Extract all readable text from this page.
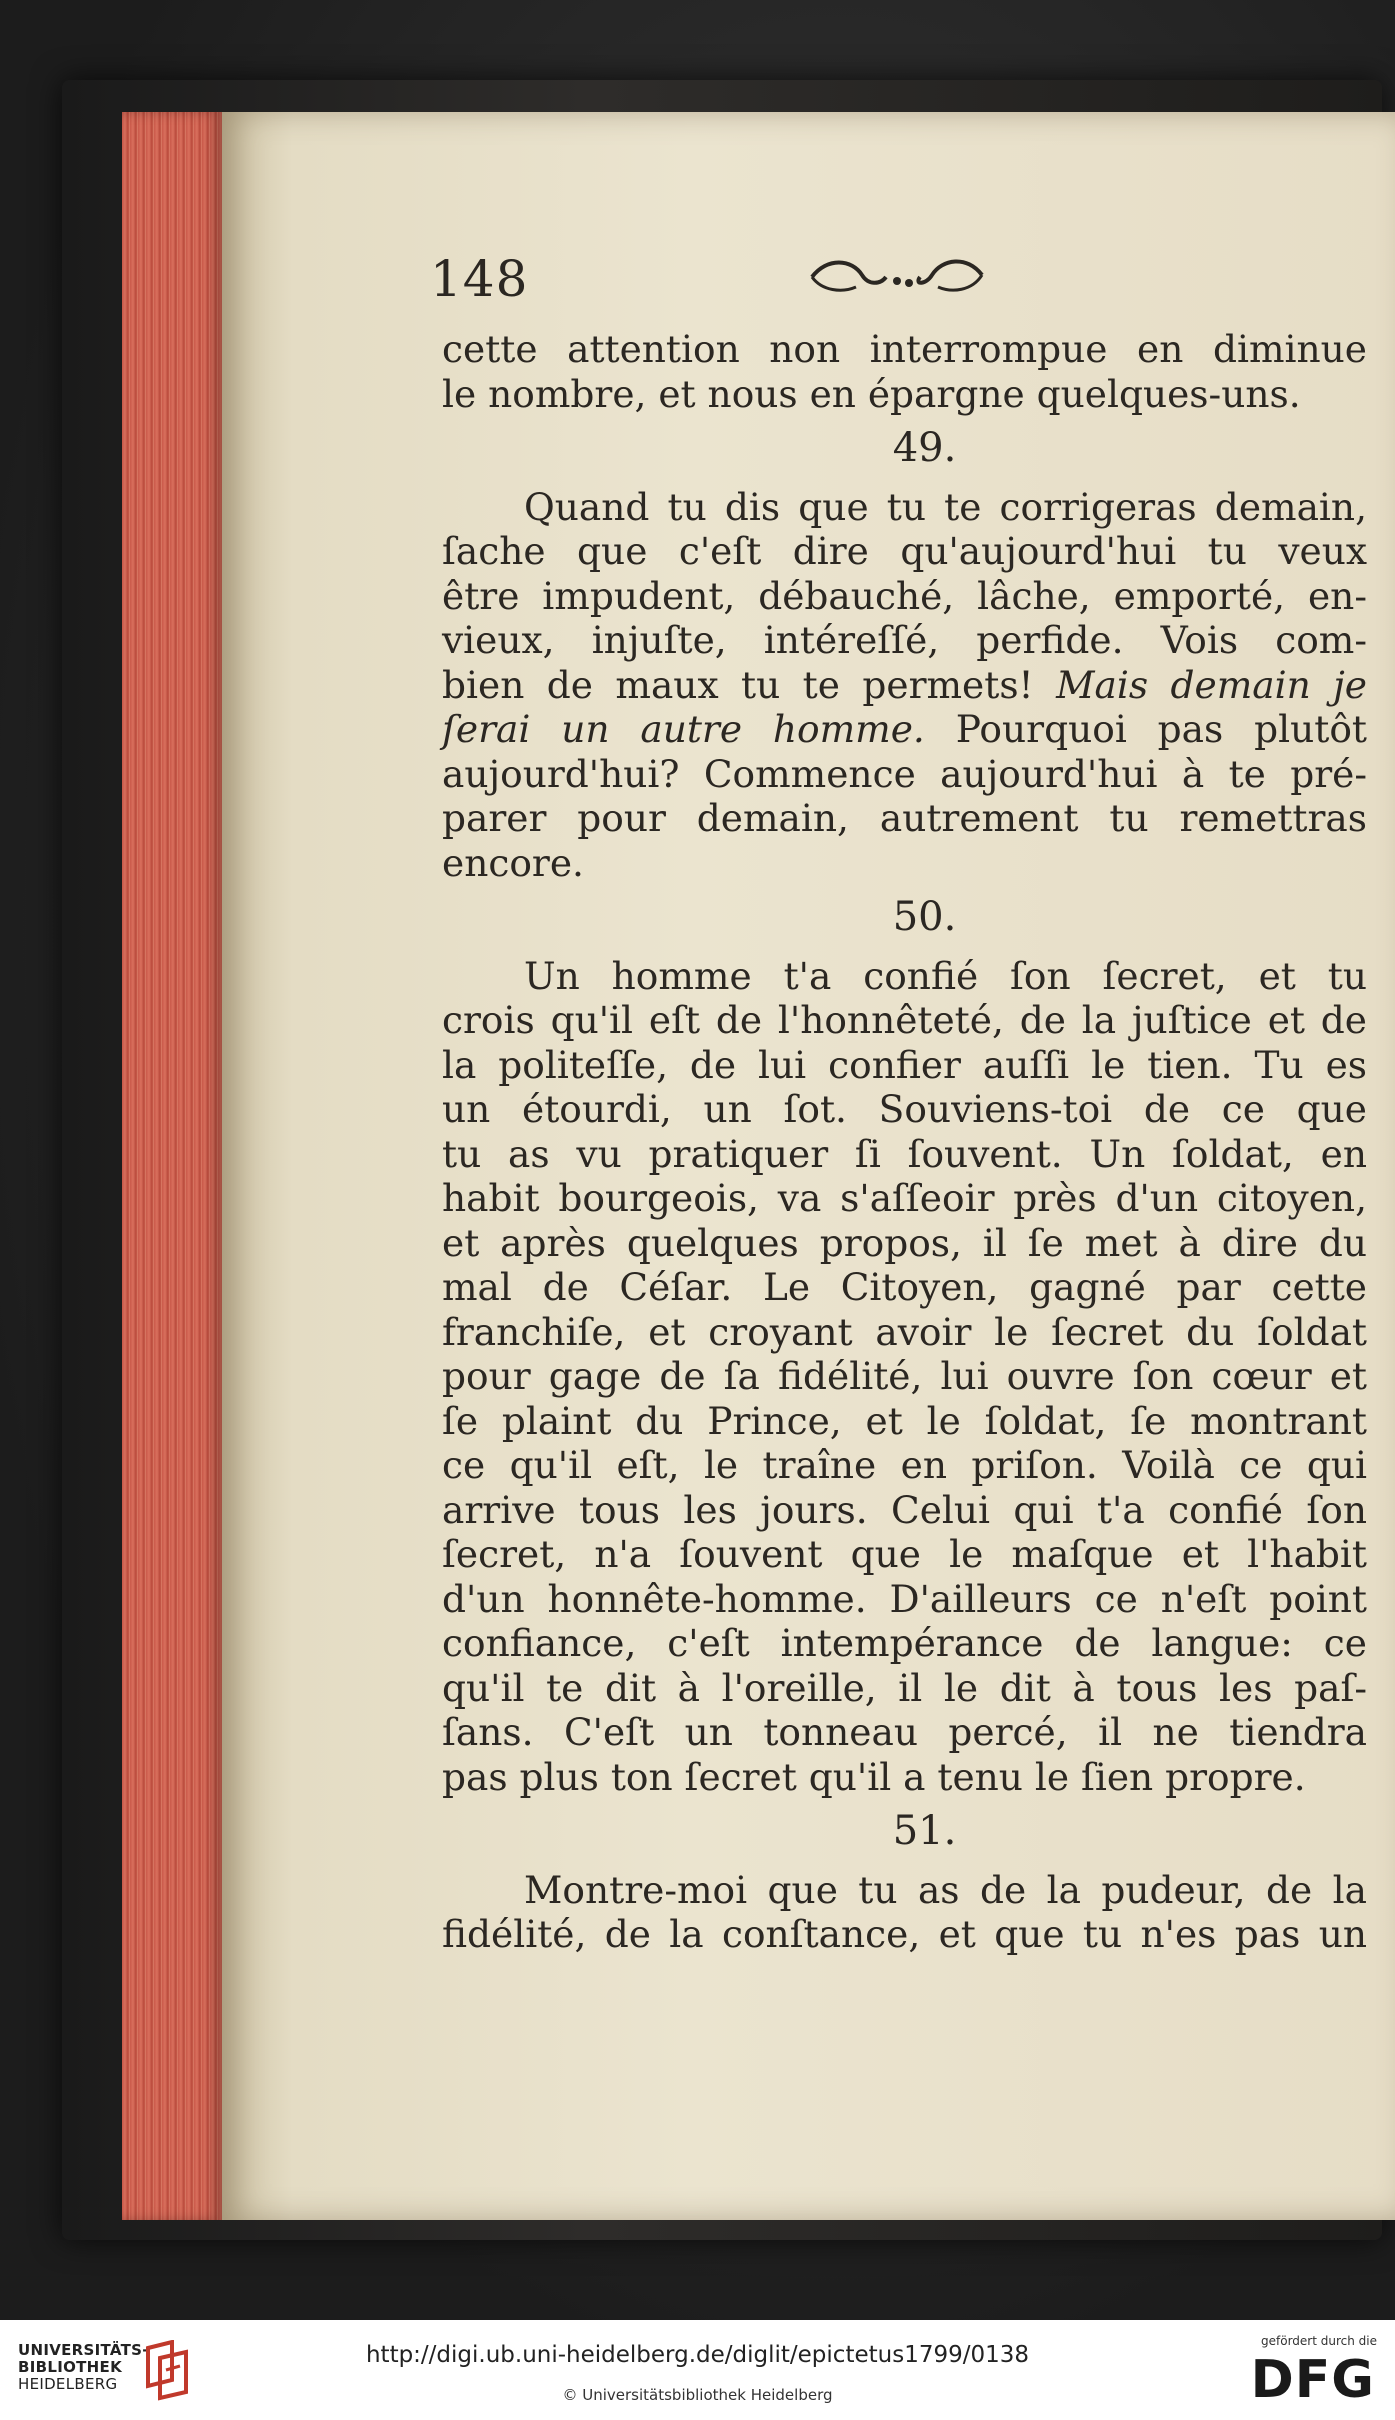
148
cette attention non interrompue en diminue
le nombre, et nous en épargne quelques-uns.
49.
Quand tu dis que tu te corrigeras demain,
ſache que c'eſt dire qu'aujourd'hui tu veux
être impudent, débauché, lâche, emporté, en-
vieux, injuſte, intéreſſé, perfide. Vois com-
bien de maux tu te permets! Mais demain je
ſerai un autre homme. Pourquoi pas plutôt
aujourd'hui? Commence aujourd'hui à te pré-
parer pour demain, autrement tu remettras
encore.
50.
Un homme t'a confié ſon ſecret, et tu
crois qu'il eſt de l'honnêteté, de la juſtice et de
la politeſſe, de lui confier auſſi le tien. Tu es
un étourdi, un ſot. Souviens-toi de ce que
tu as vu pratiquer ſi ſouvent. Un ſoldat, en
habit bourgeois, va s'aſſeoir près d'un citoyen,
et après quelques propos, il ſe met à dire du
mal de Céſar. Le Citoyen, gagné par cette
franchiſe, et croyant avoir le ſecret du ſoldat
pour gage de ſa fidélité, lui ouvre ſon cœur et
ſe plaint du Prince, et le ſoldat, ſe montrant
ce qu'il eſt, le traîne en priſon. Voilà ce qui
arrive tous les jours. Celui qui t'a confié ſon
ſecret, n'a ſouvent que le maſque et l'habit
d'un honnête-homme. D'ailleurs ce n'eſt point
confiance, c'eſt intempérance de langue: ce
qu'il te dit à l'oreille, il le dit à tous les paſ-
ſans. C'eſt un tonneau percé, il ne tiendra
pas plus ton ſecret qu'il a tenu le ſien propre.
51.
Montre-moi que tu as de la pudeur, de la
fidélité, de la conſtance, et que tu n'es pas un
UNIVERSITÄTS-
BIBLIOTHEK
HEIDELBERG
http://digi.ub.uni-heidelberg.de/diglit/epictetus1799/0138
© Universitätsbibliothek Heidelberg
gefördert durch die
DFG
